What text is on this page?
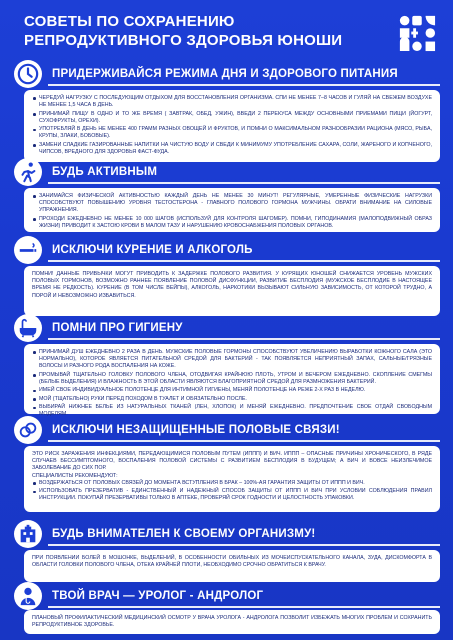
СОВЕТЫ ПО СОХРАНЕНИЮ
РЕПРОДУКТИВНОГО ЗДОРОВЬЯ ЮНОШИ
ПРИДЕРЖИВАЙСЯ РЕЖИМА ДНЯ И ЗДОРОВОГО ПИТАНИЯ
ЧЕРЕДУЙ НАГРУЗКУ С ПОСЛЕДУЮЩИМ ОТДЫХОМ ДЛЯ ВОССТАНОВЛЕНИЯ ОРГАНИЗМА. СПИ НЕ МЕНЕЕ 7–8 ЧАСОВ И ГУЛЯЙ НА СВЕЖЕМ ВОЗДУХЕ НЕ МЕНЕЕ 1,5 ЧАСА В ДЕНЬ.
ПРИНИМАЙ ПИЩУ В ОДНО И ТО ЖЕ ВРЕМЯ ( ЗАВТРАК, ОБЕД, УЖИН), ВВЕДИ 2 ПЕРЕКУСА МЕЖДУ ОСНОВНЫМИ ПРИЕМАМИ ПИЩИ (ЙОГУРТ, СУХОФРУКТЫ, ОРЕХИ).
УПОТРЕБЛЯЙ В ДЕНЬ НЕ МЕНЕЕ 400 ГРАММ РАЗНЫХ ОВОЩЕЙ И ФРУКТОВ, И ПОМНИ О МАКСИМАЛЬНОМ РАЗНООБРАЗИИ РАЦИОНА (МЯСО, РЫБА, КРУПЫ, ЗЛАКИ, БОБОВЫЕ).
ЗАМЕНИ СЛАДКИЕ ГАЗИРОВАННЫЕ НАПИТКИ НА ЧИСТУЮ ВОДУ И СВЕДИ К МИНИМУМУ УПОТРЕБЛЕНИЕ САХАРА, СОЛИ, ЖАРЕНОГО И КОПЧЕНОГО, ЧИПСОВ, ВРЕДНОГО ДЛЯ ЗДОРОВЬЯ ФАСТ-ФУДА.
БУДЬ АКТИВНЫМ
ЗАНИМАЙСЯ ФИЗИЧЕСКОЙ АКТИВНОСТЬЮ КАЖДЫЙ ДЕНЬ НЕ МЕНЕЕ 30 МИНУТ! РЕГУЛЯРНЫЕ, УМЕРЕННЫЕ ФИЗИЧЕСКИЕ НАГРУЗКИ СПОСОБСТВУЮТ ПОВЫШЕНИЮ УРОВНЯ ТЕСТОСТЕРОНА - ГЛАВНОГО ПОЛОВОГО ГОРМОНА МУЖЧИНЫ. ОБРАТИ ВНИМАНИЕ НА СИЛОВЫЕ УПРАЖНЕНИЯ.
ПРОХОДИ ЕЖЕДНЕВНО НЕ МЕНЕЕ 10 000 ШАГОВ (ИСПОЛЬЗУЙ ДЛЯ КОНТРОЛЯ ШАГОМЕР). ПОМНИ, ГИПОДИНАМИЯ (МАЛОПОДВИЖНЫЙ ОБРАЗ ЖИЗНИ) ПРИВОДИТ К ЗАСТОЮ КРОВИ В МАЛОМ ТАЗУ И НАРУШЕНИЮ КРОВОСНАБЖЕНИЯ ПОЛОВЫХ ОРГАНОВ.
ИСКЛЮЧИ КУРЕНИЕ И АЛКОГОЛЬ

ПОМНИ! ДАННЫЕ ПРИВЫЧКИ МОГУТ ПРИВОДИТЬ К ЗАДЕРЖКЕ ПОЛОВОГО РАЗВИТИЯ. У КУРЯЩИХ ЮНОШЕЙ СНИЖАЕТСЯ УРОВЕНЬ МУЖСКИХ ПОЛОВЫХ ГОРМОНОВ, ВОЗМОЖНО РАННЕЕ ПОЯВЛЕНИЕ ПОЛОВОЙ ДИСФУНКЦИИ, РАЗВИТИЕ БЕСПЛОДИЯ (МУЖСКОЕ БЕСПЛОДИЕ В НАСТОЯЩЕЕ ВРЕМЯ НЕ РЕДКОСТЬ). КУРЕНИЕ (В ТОМ ЧИСЛЕ ВЕЙПЫ), АЛКОГОЛЬ, НАРКОТИКИ ВЫЗЫВАЮТ СИЛЬНУЮ ЗАВИСИМОСТЬ, ОТ КОТОРОЙ ТРУДНО, А ПОРОЙ И НЕВОЗМОЖНО ИЗБАВИТЬСЯ.

ПОМНИ ПРО ГИГИЕНУ
ПРИНИМАЙ ДУШ ЕЖЕДНЕВНО 2 РАЗА В ДЕНЬ. МУЖСКИЕ ПОЛОВЫЕ ГОРМОНЫ СПОСОБСТВУЮТ УВЕЛИЧЕНИЮ ВЫРАБОТКИ КОЖНОГО САЛА (ЭТО НОРМАЛЬНО), КОТОРОЕ ЯВЛЯЕТСЯ ПИТАТЕЛЬНОЙ СРЕДОЙ ДЛЯ БАКТЕРИЙ - ТАК ПОЯВЛЯЕТСЯ НЕПРИЯТНЫЙ ЗАПАХ, САЛЬНЫЕ/ГРЯЗНЫЕ ВОЛОСЫ И РАЗНОГО РОДА ВОСПАЛЕНИЯ НА КОЖЕ.
ПРОМЫВАЙ ТЩАТЕЛЬНО ГОЛОВКУ ПОЛОВОГО ЧЛЕНА, ОТОДВИГАЯ КРАЙНЮЮ ПЛОТЬ, УТРОМ И ВЕЧЕРОМ ЕЖЕДНЕВНО. СКОПЛЕНИЕ СМЕГМЫ (БЕЛЫЕ ВЫДЕЛЕНИЯ) И ВЛАЖНОСТЬ В ЭТОЙ ОБЛАСТИ ЯВЛЯЮТСЯ БЛАГОПРИЯТНОЙ СРЕДОЙ ДЛЯ РАЗМНОЖЕНИЯ БАКТЕРИЙ.
ИМЕЙ СВОЕ ИНДИВИДУАЛЬНОЕ ПОЛОТЕНЦЕ ДЛЯ ИНТИМНОЙ ГИГИЕНЫ, МЕНЯЙ ПОЛОТЕНЦЕ НА РЕЖЕ 2-Х РАЗ В НЕДЕЛЮ.
МОЙ (ТЩАТЕЛЬНО) РУКИ ПЕРЕД ПОХОДОМ В ТУАЛЕТ И ОБЯЗАТЕЛЬНО ПОСЛЕ.
ВЫБИРАЙ НИЖНЕЕ БЕЛЬЕ ИЗ НАТУРАЛЬНЫХ ТКАНЕЙ (ЛЕН, ХЛОПОК) И МЕНЯЙ ЕЖЕДНЕВНО. ПРЕДПОЧТЕНИЕ СВОЕ ОТДАЙ СВОБОДНЫМ МОДЕЛЯМ.
ИСКЛЮЧИ НЕЗАЩИЩЕННЫЕ ПОЛОВЫЕ СВЯЗИ!

ЭТО РИСК ЗАРАЖЕНИЯ ИНФЕКЦИЯМИ, ПЕРЕДАЮЩИМИСЯ ПОЛОВЫМ ПУТЕМ (ИППП) И ВИЧ. ИППП – ОПАСНЫЕ ПРИЧИНЫ ХРОНИЧЕСКОГО, В РЯДЕ СЛУЧАЕВ БЕССИМПТОМНОГО, ВОСПАЛЕНИЯ ПОЛОВОЙ СИСТЕМЫ С РАЗВИТИЕМ БЕСПЛОДИЯ В БУДУЩЕМ; А ВИЧ И ВОВСЕ НЕИЗЛЕЧИМОЕ ЗАБОЛЕВАНИЕ ДО СИХ ПОР.

СПЕЦИАЛИСТЫ РЕКОМЕНДУЮТ:

ВОЗДЕРЖАТЬСЯ ОТ ПОЛОВЫХ СВЯЗЕЙ ДО МОМЕНТА ВСТУПЛЕНИЯ В БРАК – 100%-АЯ ГАРАНТИЯ ЗАЩИТЫ ОТ ИППП И ВИЧ.
ИСПОЛЬЗОВАТЬ ПРЕЗЕРВАТИВ - ЕДИНСТВЕННЫЙ И НАДЕЖНЫЙ СПОСОБ ЗАЩИТЫ ОТ ИППП И ВИЧ ПРИ УСЛОВИИ СОБЛЮДЕНИЯ ПРАВИЛ ИНСТРУКЦИИ. ПОКУПАЙ ПРЕЗЕРВАТИВЫ ТОЛЬКО В АПТЕКЕ, ПРОВЕРЯЙ СРОК ГОДНОСТИ И ЦЕЛОСТНОСТЬ УПАКОВКИ.
БУДЬ ВНИМАТЕЛЕН К СВОЕМУ ОРГАНИЗМУ!

ПРИ ПОЯВЛЕНИИ БОЛЕЙ В МОШОНКЕ, ВЫДЕЛЕНИЙ, В ОСОБЕННОСТИ ОБИЛЬНЫХ ИЗ МОЧЕИСПУСКАТЕЛЬНОГО КАНАЛА, ЗУДА, ДИСКОМФОРТА В ОБЛАСТИ ГОЛОВКИ ПОЛОВОГО ЧЛЕНА, ОТЕКА КРАЙНЕЙ ПЛОТИ, НЕОБХОДИМО СРОЧНО ОБРАТИТЬСЯ К ВРАЧУ.

ТВОЙ ВРАЧ — УРОЛОГ - АНДРОЛОГ

ПЛАНОВЫЙ ПРОФИЛАКТИЧЕСКИЙ МЕДИЦИНСКИЙ ОСМОТР У ВРАЧА УРОЛОГА - АНДРОЛОГА ПОЗВОЛИТ ИЗБЕЖАТЬ МНОГИХ ПРОБЛЕМ И СОХРАНИТЬ РЕПРОДУКТИВНОЕ ЗДОРОВЬЕ.
